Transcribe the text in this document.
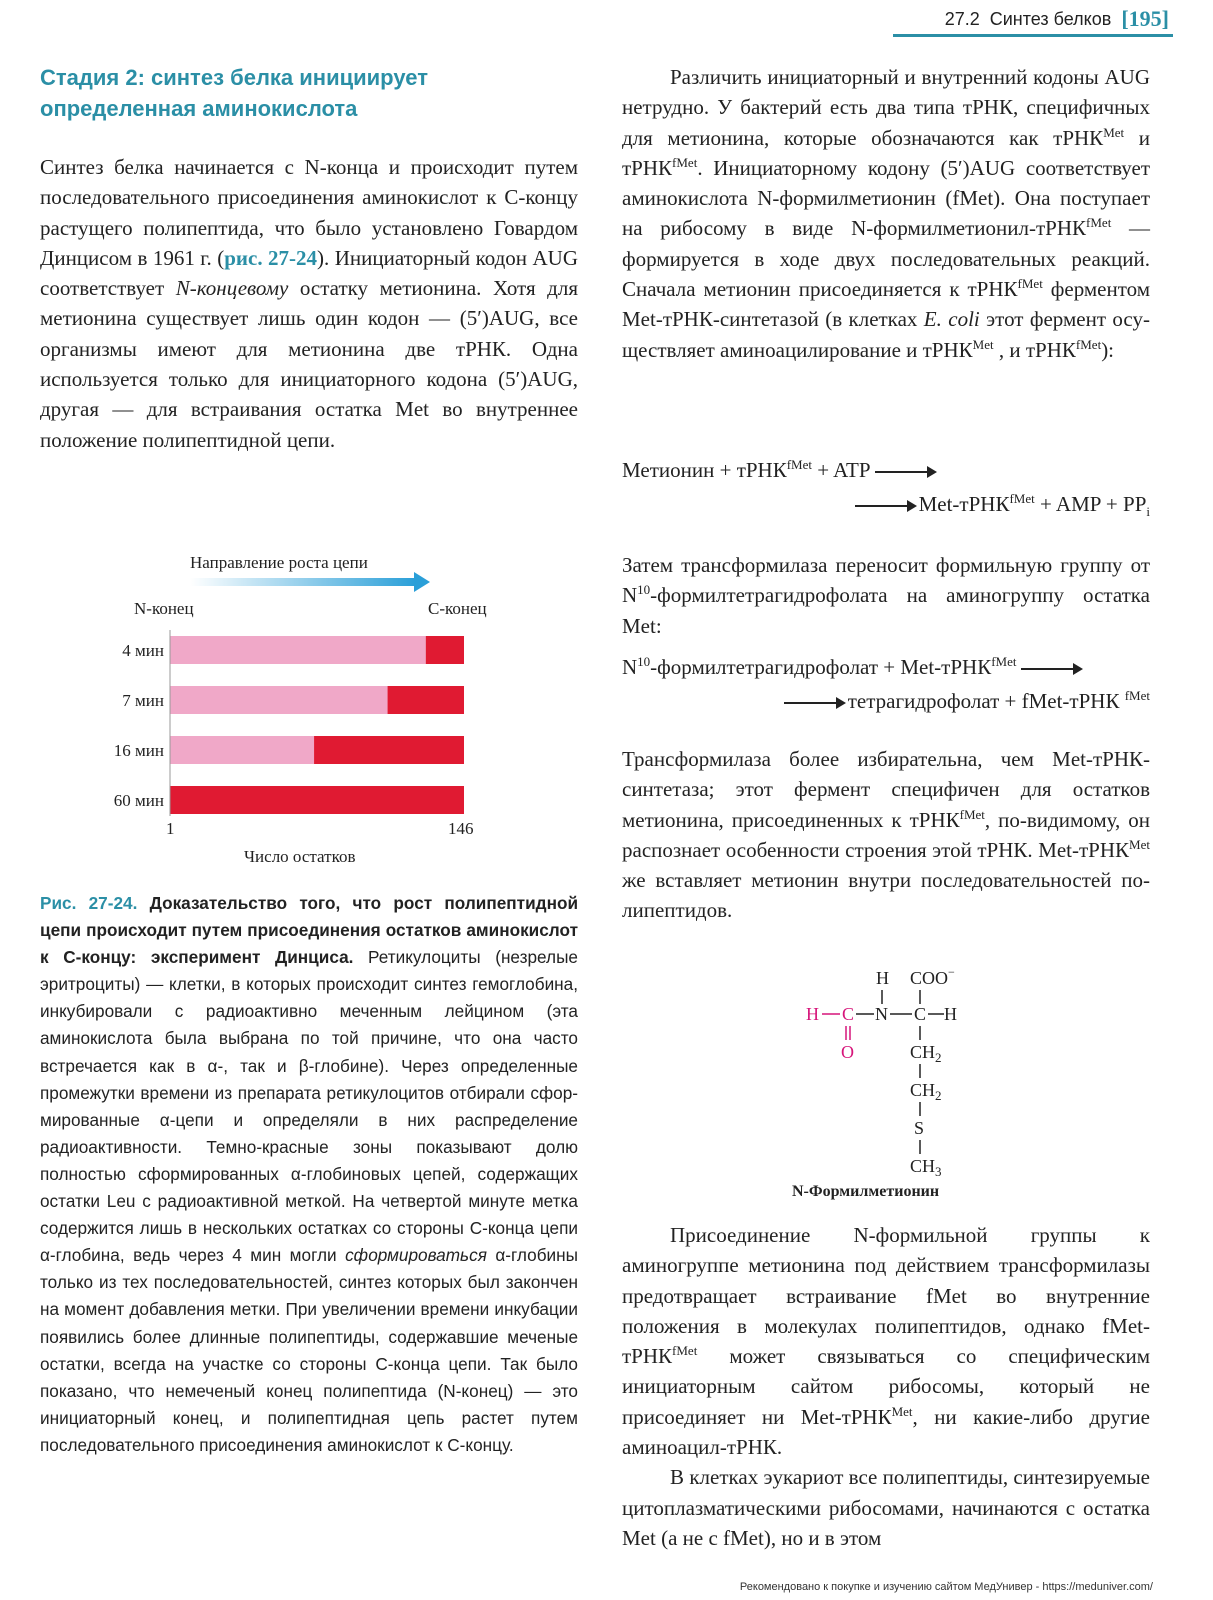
27.2 Синтез белков [195]
Стадия 2: синтез белка инициирует
определенная аминокислота

Синтез белка начинается с N-конца и происходит путем последовательного присоединения аминокислот к C-концу растущего полипептида, что было установлено Говардом Динцисом в 1961 г. (рис. 27-24). Инициаторный кодон AUG соответствует N-концевому остатку метионина. Хотя для метионина существует лишь один кодон — (5′)AUG, все организмы имеют для метионина две тРНК. Одна используется только для инициаторного кодона (5′)AUG, другая — для встраивания остатка Met во внутреннее положение полипептидной цепи.

Направление роста цепи
N-конец	C-конец
4 мин
7 мин
16 мин
60 мин
1	146
Число остатков

Рис. 27-24. Доказательство того, что рост полипептидной цепи происходит путем присоединения остатков аминокислот к C-концу: эксперимент Динциса. Ретикулоциты (незрелые эритроциты) — клетки, в которых происходит синтез гемоглобина, инкубировали с радиоактивно меченным лейцином (эта аминокислота была выбрана по той причине, что она часто встречается как в α-, так и β-глобине). Через определенные промежутки времени из препарата ретикулоцитов отбирали сформированные α-цепи и определяли в них распределение радиоактивности. Темно-красные зоны показывают долю полностью сформированных α-глобиновых цепей, содержащих остатки Leu с радиоактивной меткой. На четвертой минуте метка содержится лишь в нескольких остатках со стороны C-конца цепи α-глобина, ведь через 4 мин могли сформироваться α-глобины только из тех последовательностей, синтез которых был закончен на момент добавления метки. При увеличении времени инкубации появились более длинные полипептиды, содержавшие меченые остатки, всегда на участке со стороны C-конца цепи. Так было показано, что немеченый конец полипептида (N-конец) — это инициаторный конец, и полипептидная цепь растет путем последовательного присоединения аминокислот к C-концу.

Различить инициаторный и внутренний кодоны AUG нетрудно. У бактерий есть два типа тРНК, специфичных для метионина, которые обозначаются как тРНК$^{Met}$ и тРНК$^{fMet}$. Инициаторному кодону (5′)AUG соответствует аминокислота N-формилметионин (fMet). Она поступает на рибосому в виде N-формилметионил-тРНК$^{fMet}$ — формируется в ходе двух последовательных реакций. Сначала метионин присоединяется к тРНК$^{fMet}$ ферментом Met-тРНК-синтетазой (в клетках E. coli этот фермент осуществляет аминоацилирование и тРНК$^{Met}$ , и тРНК$^{fMet}$):

Метионин + тРНК$^{fMet}$ + ATP →
→ Met-тРНК$^{fMet}$ + AMP + $PP_i$

Затем трансформилаза переносит формильную группу от $N^{10}$-формилтетрагидрофолата на аминогруппу остатка Met:

$N^{10}$-формилтетрагидрофолат + Met-тРНК$^{fMet}$
→ тетрагидрофолат + fMet-тРНК $^{fMet}$

Трансформилаза более избирательна, чем Met-тРНК-синтетаза; этот фермент специфичен для остатков метионина, присоединенных к тРНК$^{fMet}$, по-видимому, он распознает особенности строения этой тРНК. Met-тРНК$^{Met}$ же вставляет метионин внутри последовательностей полипептидов.

H COO−
H C N C H
O	$CH_2$
$CH_2$
S
$CH_3$
N-Формилметионин

Присоединение N-формильной группы к аминогруппе метионина под действием трансформилазы предотвращает встраивание fMet во внутренние положения в молекулах полипептидов, однако fMet-тРНК$^{fMet}$ может связываться со специфическим инициаторным сайтом рибосомы, который не присоединяет ни Met-тРНК$^{Met}$, ни какие-либо другие аминоацил-тРНК.
В клетках эукариот все полипептиды, синтезируемые цитоплазматическими рибосомами, начинаются с остатка Met (а не с fMet), но и в этом

Рекомендовано к покупке и изучению сайтом МедУнивер - https://meduniver.com/
